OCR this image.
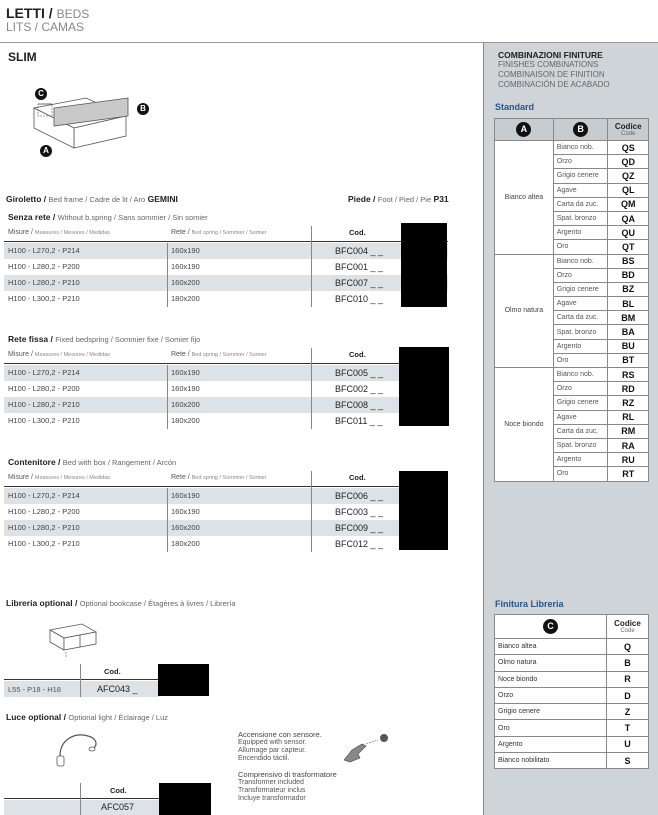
LETTI / BEDS
LITS / CAMAS
SLIM
C
B
A
Giroletto / Bed frame / Cadre de lit / Aro GEMINI	Piede / Foot / Pied / Pie P31
Senza rete / Without b.spring / Sans sommier / Sin somier
Misure / Measures / Mesures / Medidas	Rete / Bed spring / Sommier / Somier	Cod.
H100 - L270,2 - P214	160x190	BFC004 _ _
H100 - L280,2 - P200	160x190	BFC001 _ _
H100 - L280,2 - P210	160x200	BFC007 _ _
H100 - L300,2 - P210	180x200	BFC010 _ _
Rete fissa / Fixed bedspring / Sommier fixe / Somier fijo
Misure / Measures / Mesures / Medidas	Rete / Bed spring / Sommier / Somier	Cod.
H100 - L270,2 - P214	160x190	BFC005 _ _
H100 - L280,2 - P200	160x190	BFC002 _ _
H100 - L280,2 - P210	160x200	BFC008 _ _
H100 - L300,2 - P210	180x200	BFC011 _ _
Contenitore / Bed with box / Rangement / Arcón
Misure / Measures / Mesures / Medidas	Rete / Bed spring / Sommier / Somier	Cod.
H100 - L270,2 - P214	160x190	BFC006 _ _
H100 - L280,2 - P200	160x190	BFC003 _ _
H100 - L280,2 - P210	160x200	BFC009 _ _
H100 - L300,2 - P210	180x200	BFC012 _ _
Libreria optional / Optional bookcase / Étagères à livres / Librería
Cod.
L55 - P18 - H18	AFC043 _
Luce optional / Optional light / Éclairage / Luz
Accensione con sensore.
Equipped with sensor.
Allumage par capteur.
Encendido táctil.
Comprensivo di trasformatore
Transformer included
Transformateur inclus
Incluye transformador
Cod.
AFC057
COMBINAZIONI FINITURE
FINISHES COMBINATIONS
COMBINAISON DE FINITION
COMBINACIÓN DE ACABADO
Standard
A	B	Codice
Code

Bianco altea	Bianco nob.	QS
	Orzo	QD
	Grigio cenere	QZ
	Agave	QL
	Carta da zuc.	QM
	Spat. bronzo	QA
	Argento	QU
	Oro	QT
Olmo natura	Bianco nob.	BS
	Orzo	BD
	Grigio cenere	BZ
	Agave	BL
	Carta da zuc.	BM
	Spat. bronzo	BA
	Argento	BU
	Oro	BT
Noce biondo	Bianco nob.	RS
	Orzo	RD
	Grigio cenere	RZ
	Agave	RL
	Carta da zuc.	RM
	Spat. bronzo	RA
	Argento	RU
	Oro	RT
Finitura Libreria
C	Codice
Code

Bianco altea	Q
Olmo natura	B
Noce biondo	R
Orzo	D
Grigio cenere	Z
Oro	T
Argento	U
Bianco nobilitato	S
